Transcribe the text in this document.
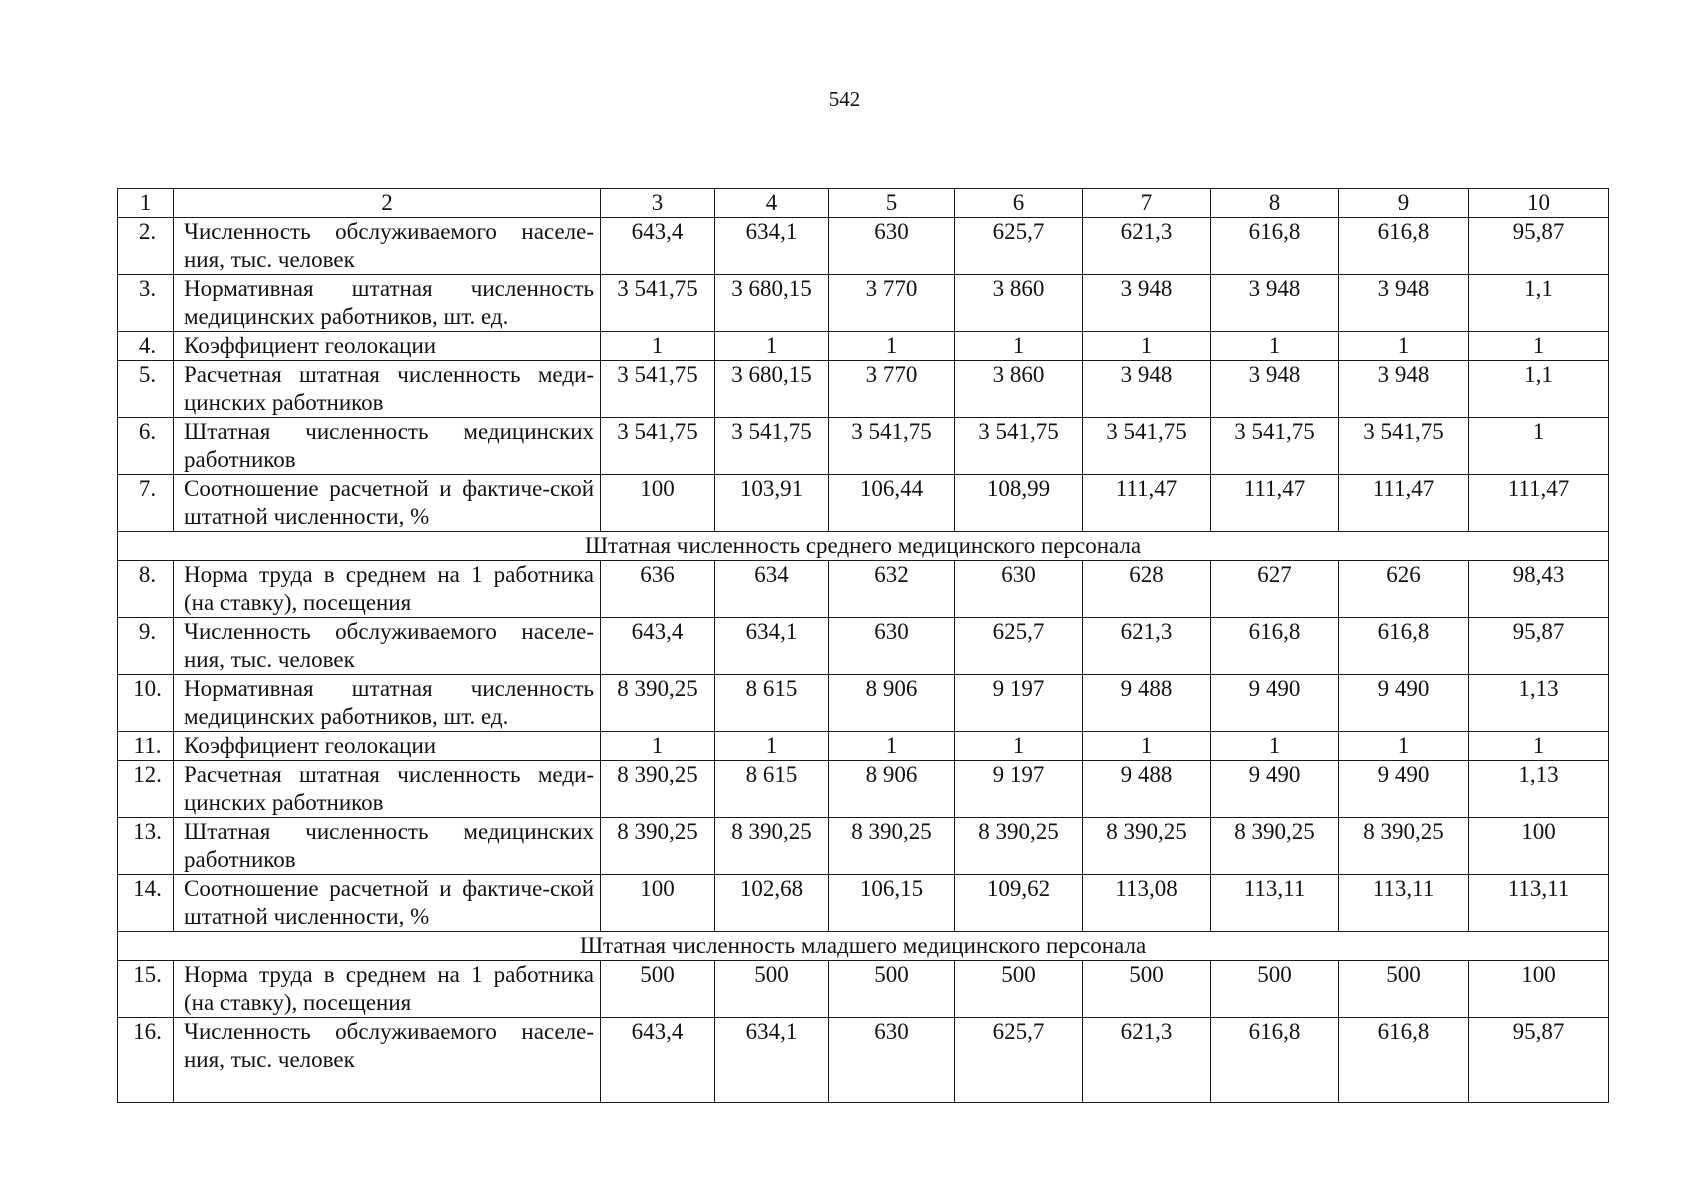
542
1	2	3	4	5	6	7	8	9	10
2.	Численность обслуживаемого населе-ния, тыс. человек	643,4	634,1	630	625,7	621,3	616,8	616,8	95,87
3.	Нормативная штатная численность медицинских работников, шт. ед.	3 541,75	3 680,15	3 770	3 860	3 948	3 948	3 948	1,1
4.	Коэффициент геолокации	1	1	1	1	1	1	1	1
5.	Расчетная штатная численность меди-цинских работников	3 541,75	3 680,15	3 770	3 860	3 948	3 948	3 948	1,1
6.	Штатная численность медицинских работников	3 541,75	3 541,75	3 541,75	3 541,75	3 541,75	3 541,75	3 541,75	1
7.	Соотношение расчетной и фактиче-ской штатной численности, %	100	103,91	106,44	108,99	111,47	111,47	111,47	111,47
Штатная численность среднего медицинского персонала									
8.	Норма труда в среднем на 1 работника (на ставку), посещения	636	634	632	630	628	627	626	98,43
9.	Численность обслуживаемого населе-ния, тыс. человек	643,4	634,1	630	625,7	621,3	616,8	616,8	95,87
10.	Нормативная штатная численность медицинских работников, шт. ед.	8 390,25	8 615	8 906	9 197	9 488	9 490	9 490	1,13
11.	Коэффициент геолокации	1	1	1	1	1	1	1	1
12.	Расчетная штатная численность меди-цинских работников	8 390,25	8 615	8 906	9 197	9 488	9 490	9 490	1,13
13.	Штатная численность медицинских работников	8 390,25	8 390,25	8 390,25	8 390,25	8 390,25	8 390,25	8 390,25	100
14.	Соотношение расчетной и фактиче-ской штатной численности, %	100	102,68	106,15	109,62	113,08	113,11	113,11	113,11
Штатная численность младшего медицинского персонала									
15.	Норма труда в среднем на 1 работника (на ставку), посещения	500	500	500	500	500	500	500	100
16.	Численность обслуживаемого населе-ния, тыс. человек	643,4	634,1	630	625,7	621,3	616,8	616,8	95,87
